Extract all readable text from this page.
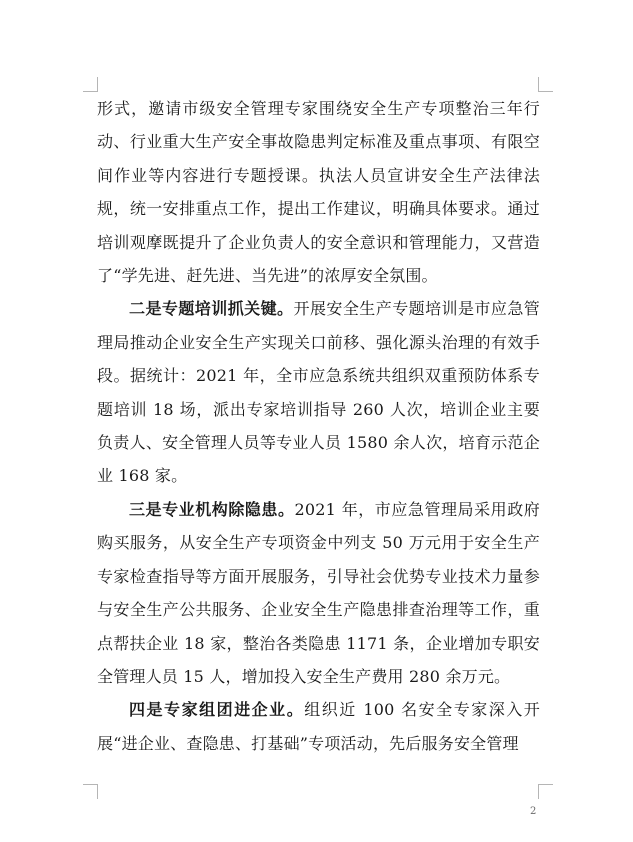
形式，邀请市级安全管理专家围绕安全生产专项整治三年行动、行业重大生产安全事故隐患判定标准及重点事项、有限空间作业等内容进行专题授课。执法人员宣讲安全生产法律法规，统一安排重点工作，提出工作建议，明确具体要求。通过培训观摩既提升了企业负责人的安全意识和管理能力，又营造了“学先进、赶先进、当先进”的浓厚安全氛围。

二是专题培训抓关键。开展安全生产专题培训是市应急管理局推动企业安全生产实现关口前移、强化源头治理的有效手段。据统计：2021 年，全市应急系统共组织双重预防体系专题培训 18 场，派出专家培训指导 260 人次，培训企业主要负责人、安全管理人员等专业人员 1580 余人次，培育示范企业 168 家。

三是专业机构除隐患。2021 年，市应急管理局采用政府购买服务，从安全生产专项资金中列支 50 万元用于安全生产专家检查指导等方面开展服务，引导社会优势专业技术力量参与安全生产公共服务、企业安全生产隐患排查治理等工作，重点帮扶企业 18 家，整治各类隐患 1171 条，企业增加专职安全管理人员 15 人，增加投入安全生产费用 280 余万元。

四是专家组团进企业。组织近 100 名安全专家深入开展“进企业、查隐患、打基础”专项活动，先后服务安全管理

2
